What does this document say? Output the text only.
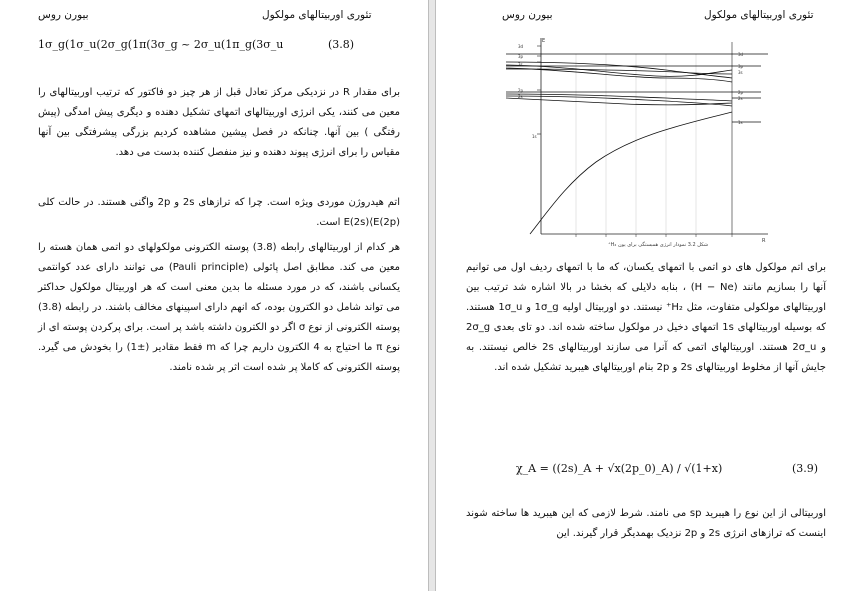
تئوری اوربیتالهای مولکول
بیورن روس
1σ_g(1σ_u(2σ_g(1π(3σ_g ~ 2σ_u(1π_g(3σ_u	(3.8)
برای مقدار R در نزدیکی مرکز تعادل قبل از هر چیز دو فاکتور که ترتیب اوربیتالهای را معین می کنند، یکی انرژی اوربیتالهای اتمهای تشکیل دهنده و دیگری پیش امدگی (پیش رفتگی ) بین آنها. چنانکه در فصل پیشین مشاهده کردیم بزرگی پیشرفتگی بین آنها مقیاس را برای انرژی پیوند دهنده و نیز منفصل کننده بدست می دهد.
اتم هیدروژن موردی ویژه است. چرا که ترازهای 2s و 2p واگنی هستند. در حالت کلی E(2s)⟨E(2p) است.
هر کدام از اوربیتالهای رابطه (3.8) پوسته الکترونی مولکولهای دو اتمی همان هسته را معین می کند. مطابق اصل پائولی (Pauli principle) می توانند دارای عدد کوانتمی یکسانی باشند، که در مورد مسئله ما بدین معنی است که هر اوربیتال مولکول حداکثر می تواند شامل دو الکترون بوده، که انهم دارای اسپینهای مخالف باشند. در رابطه (3.8) پوسته الکترونی از نوع σ اگر دو الکترون داشته باشد پر است. برای پرکردن پوسته ای از نوع π ما احتیاج به 4 الکترون داریم چرا که m فقط مقادیر (±1) را بخودش می گیرد. پوسته الکترونی که کاملا پر شده است اثر پر شده نامند.
تئوری اوربیتالهای مولکول
بیورن روس
3d
3p
3s
2p
2s
1s
3d
3p
3s
2p
2s
1s
E
R
شکل 3.2 نمودار انرژی همبستگی برای یون H₂⁺
برای اتم مولکول های دو اتمی با اتمهای یکسان، که ما با اتمهای ردیف اول می توانیم آنها را بسازیم مانند (H − Ne) ، بنابه دلایلی که بخشا در بالا اشاره شد ترتیب بین اوربیتالهای مولکولی متفاوت، مثل H₂⁺ نیستند. دو اوربیتال اولیه 1σ_g و 1σ_u هستند. که بوسیله اوربیتالهای 1s اتمهای دخیل در مولکول ساخته شده اند. دو تای بعدی 2σ_g و 2σ_u هستند. اوربیتالهای اتمی که آنرا می سازند اوربیتالهای 2s خالص نیستند. به جایش آنها از مخلوط اوربیتالهای 2s و 2p بنام اوربیتالهای هیبرید تشکیل شده اند.
χ_A = ((2s)_A + √x(2p_0)_A) / √(1+x)	(3.9)
اوربیتالی از این نوع را هیبرید sp می نامند. شرط لازمی که این هیبرید ها ساخته شوند اینست که ترازهای انرژی 2s و 2p نزدیک بهمدیگر قرار گیرند. این
